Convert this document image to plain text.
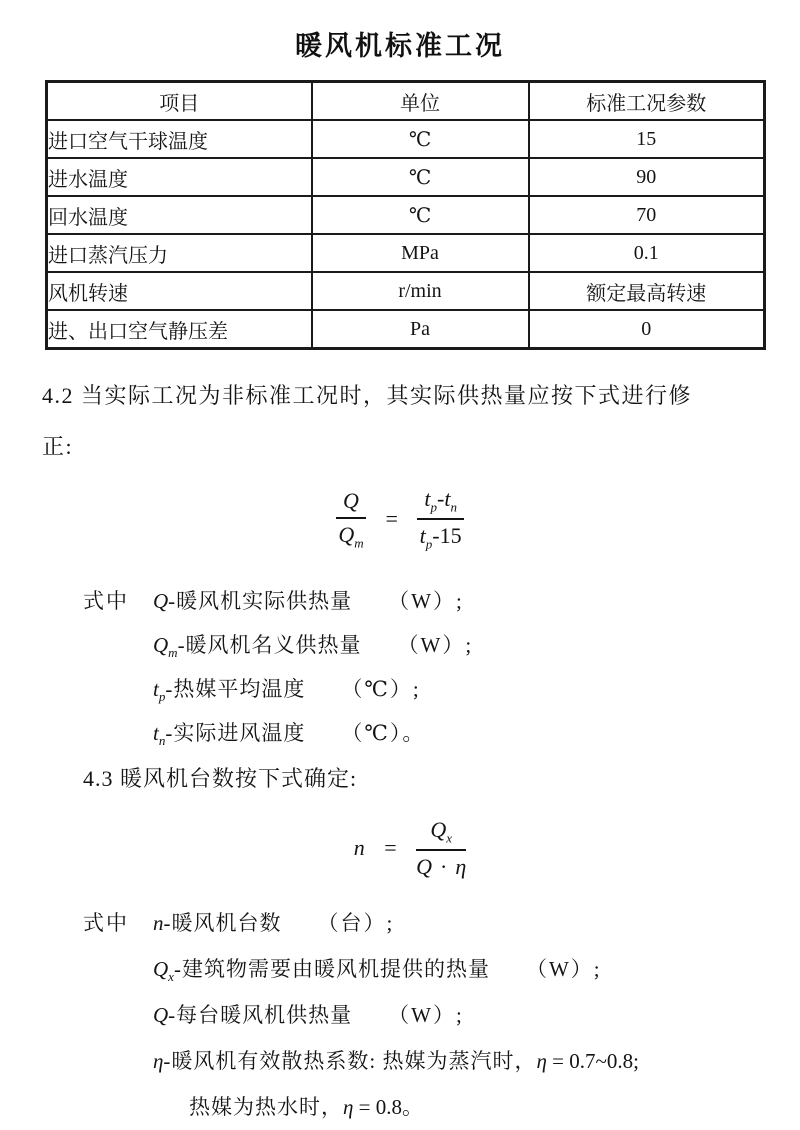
暖风机标准工况
项目	单位	标准工况参数
进口空气干球温度	℃	15
进水温度	℃	90
回水温度	℃	70
进口蒸汽压力	MPa	0.1
风机转速	r/min	额定最高转速
进、出口空气静压差	Pa	0

4.2 当实际工况为非标准工况时，其实际供热量应按下式进行修
正:

$\frac{Q}{Q_m} = \frac{t_p-t_n}{t_p-15}$
式中 Q-暖风机实际供热量 （W）;
$Q_m-$暖风机名义供热量 （W）;
$t_p-$热媒平均温度 （℃）;
$t_n-$实际进风温度 （℃）。

4.3 暖风机台数按下式确定:

$n = \frac{Q_x}{Q \cdot \eta}$
式中 n-暖风机台数 （台）;
$Q_x-$建筑物需要由暖风机提供的热量 （W）;
Q-每台暖风机供热量 （W）;
η-暖风机有效散热系数: 热媒为蒸汽时，η = 0.7~0.8;
热媒为热水时，η = 0.8。
